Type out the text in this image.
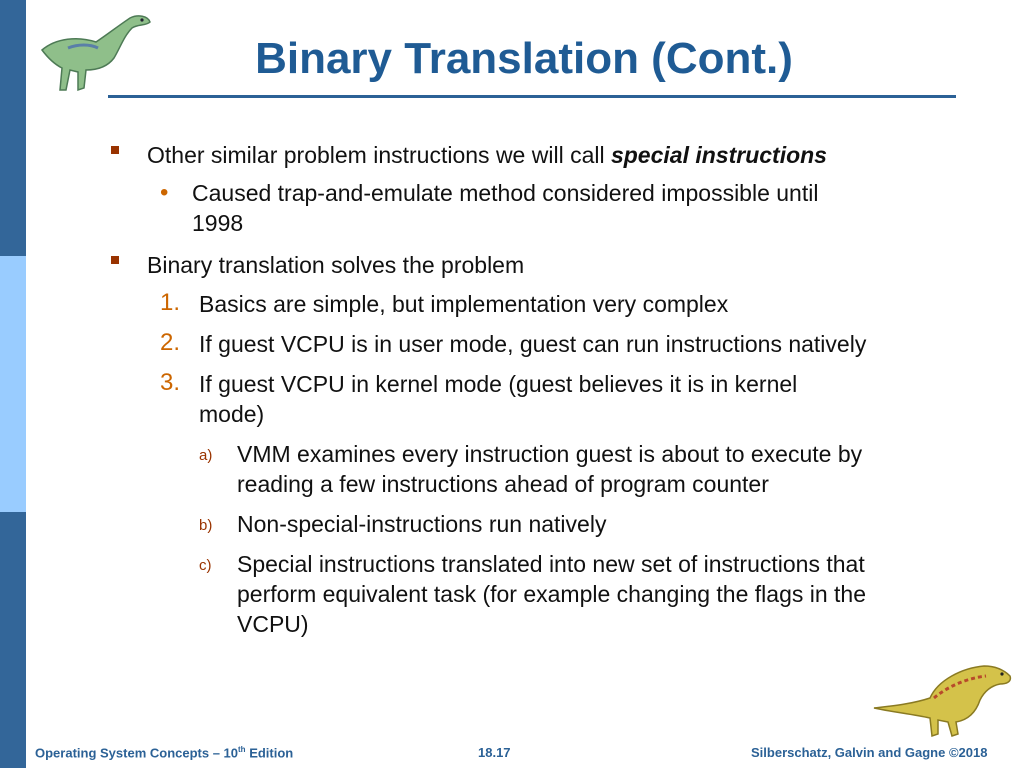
Binary Translation (Cont.)
Other similar problem instructions we will call special instructions
• Caused trap-and-emulate method considered impossible until
1998
Binary translation solves the problem
1. Basics are simple, but implementation very complex
2. If guest VCPU is in user mode, guest can run instructions natively
3. If guest VCPU in kernel mode (guest believes it is in kernel
mode)
a) VMM examines every instruction guest is about to execute by
reading a few instructions ahead of program counter
b) Non-special-instructions run natively
c) Special instructions translated into new set of instructions that
perform equivalent task (for example changing the flags in the
VCPU)
Operating System Concepts – 10th Edition	18.17	Silberschatz, Galvin and Gagne ©2018
